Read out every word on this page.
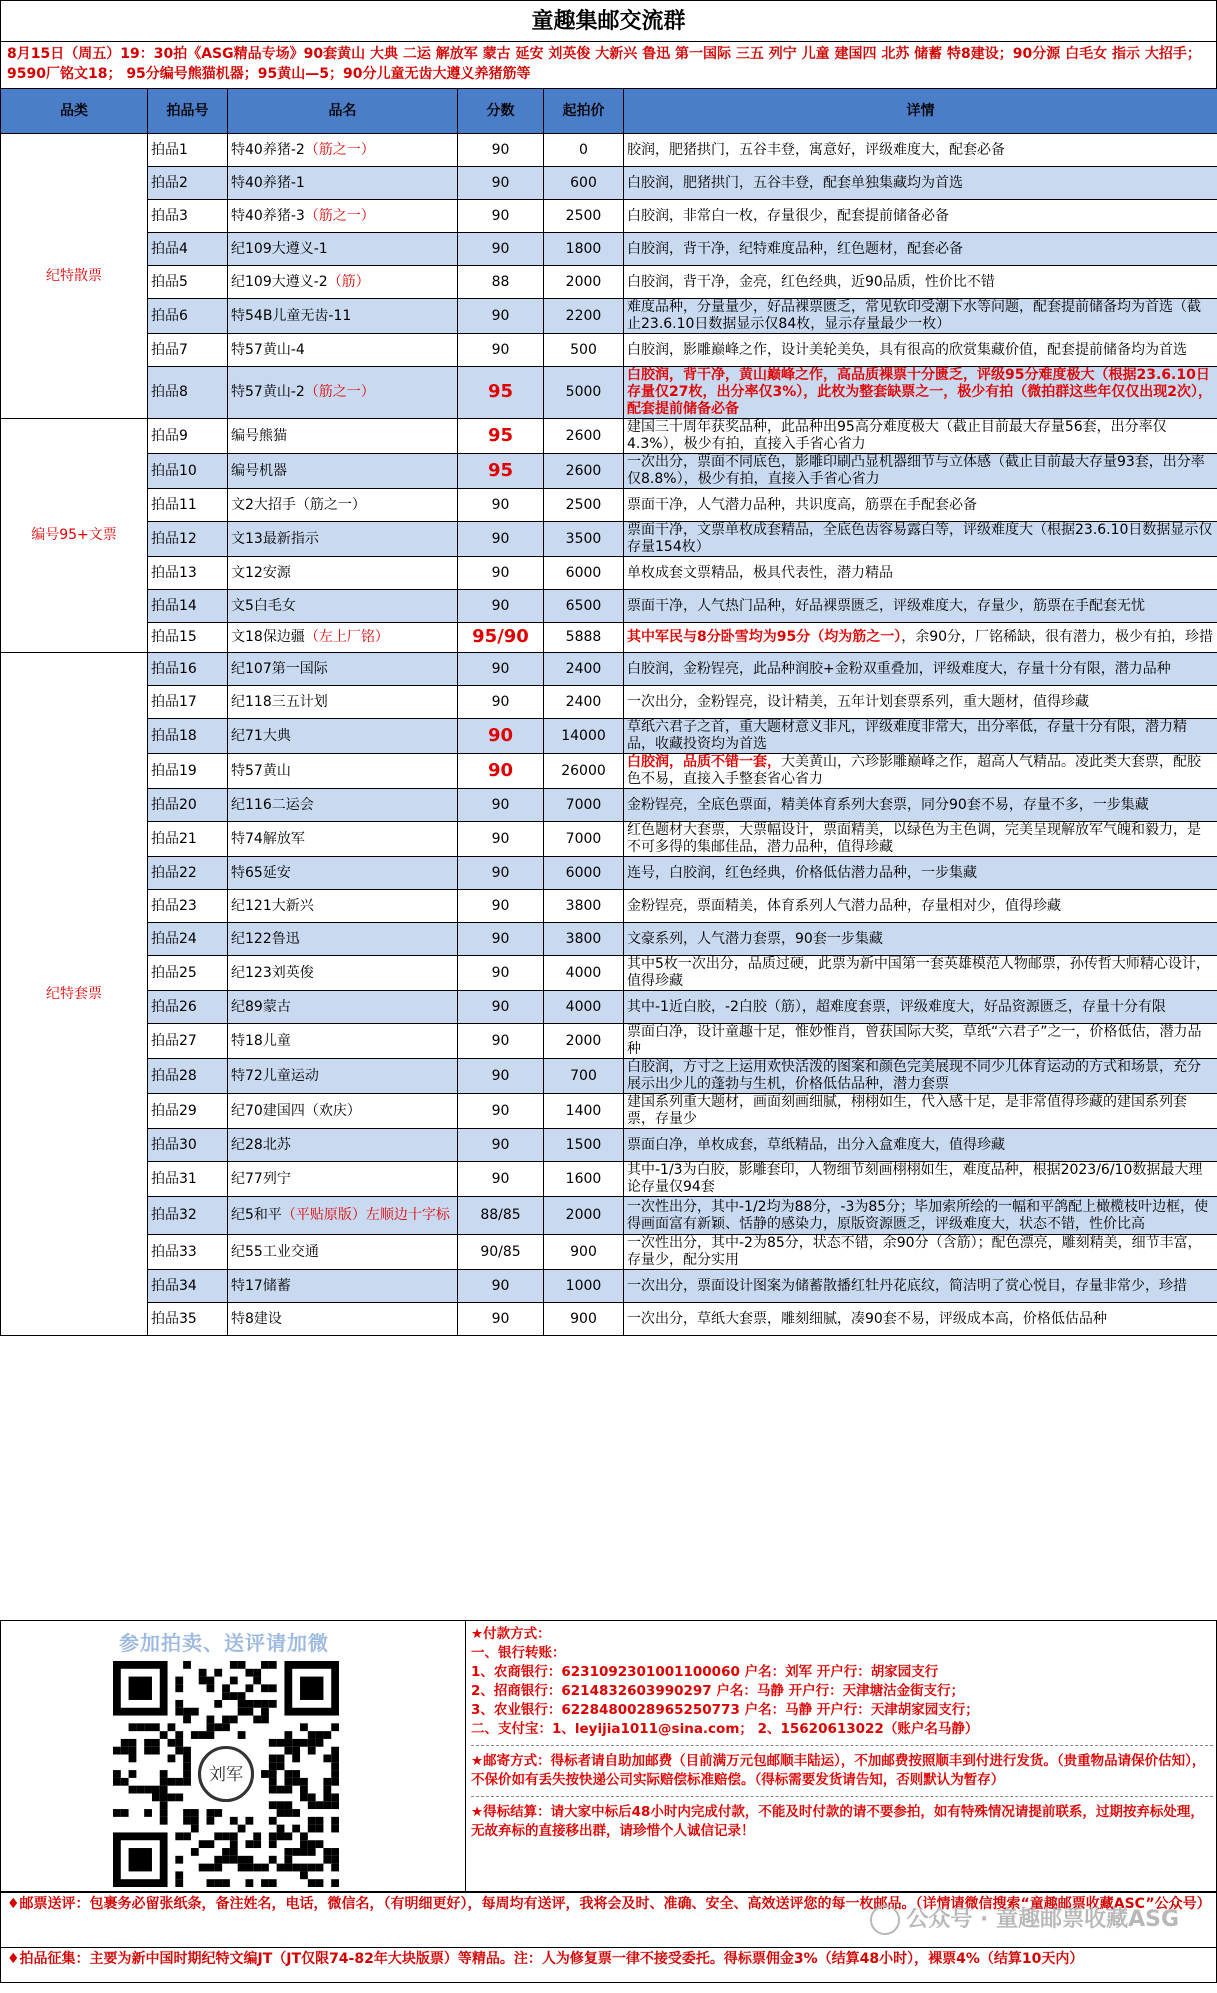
童趣集邮交流群
8月15日（周五）19：30拍《ASG精品专场》90套黄山 大典 二运 解放军 蒙古 延安 刘英俊 大新兴 鲁迅 第一国际 三五 列宁 儿童 建国四 北苏 储蓄 特8建设；90分源 白毛女 指示 大招手；9590厂铭文18； 95分编号熊猫机器；95黄山—5；90分儿童无齿大遵义养猪筋等
品类	拍品号	品名	分数	起拍价	详情
纪特散票	拍品1	特40养猪-2（筋之一）	90	0	胶润，肥猪拱门，五谷丰登，寓意好，评级难度大，配套必备
	拍品2	特40养猪-1	90	600	白胶润，肥猪拱门，五谷丰登，配套单独集藏均为首选
	拍品3	特40养猪-3（筋之一）	90	2500	白胶润，非常白一枚，存量很少，配套提前储备必备
	拍品4	纪109大遵义-1	90	1800	白胶润，背干净，纪特难度品种，红色题材，配套必备
	拍品5	纪109大遵义-2（筋）	88	2000	白胶润，背干净，金亮，红色经典，近90品质，性价比不错
	拍品6	特54B儿童无齿-11	90	2200	难度品种，分量量少，好品裸票匮乏，常见软印受潮下水等问题，配套提前储备均为首选（截止23.6.10日数据显示仅84枚，显示存量最少一枚）
	拍品7	特57黄山-4	90	500	白胶润，影雕巅峰之作，设计美轮美奂，具有很高的欣赏集藏价值，配套提前储备均为首选
	拍品8	特57黄山-2（筋之一）	95	5000	白胶润，背干净，黄山巅峰之作，高品质裸票十分匮乏，评级95分难度极大（根据23.6.10日存量仅27枚，出分率仅3%），此枚为整套缺票之一，极少有拍（微拍群这些年仅仅出现2次），配套提前储备必备
编号95+文票	拍品9	编号熊猫	95	2600	建国三十周年获奖品种，此品种出95高分难度极大（截止目前最大存量56套，出分率仅4.3%），极少有拍，直接入手省心省力
	拍品10	编号机器	95	2600	一次出分，票面不同底色，影雕印刷凸显机器细节与立体感（截止目前最大存量93套，出分率仅8.8%），极少有拍，直接入手省心省力
	拍品11	文2大招手（筋之一）	90	2500	票面干净，人气潜力品种，共识度高，筋票在手配套必备
	拍品12	文13最新指示	90	3500	票面干净，文票单枚成套精品，全底色齿容易露白等，评级难度大（根据23.6.10日数据显示仅存量154枚）
	拍品13	文12安源	90	6000	单枚成套文票精品，极具代表性，潜力精品
	拍品14	文5白毛女	90	6500	票面干净，人气热门品种，好品裸票匮乏，评级难度大，存量少，筋票在手配套无忧
	拍品15	文18保边疆（左上厂铭）	95/90	5888	其中军民与8分卧雪均为95分（均为筋之一），余90分，厂铭稀缺，很有潜力，极少有拍，珍措
纪特套票	拍品16	纪107第一国际	90	2400	白胶润，金粉锃亮，此品种润胶+金粉双重叠加，评级难度大，存量十分有限，潜力品种
	拍品17	纪118三五计划	90	2400	一次出分，金粉锃亮，设计精美，五年计划套票系列，重大题材，值得珍藏
	拍品18	纪71大典	90	14000	草纸六君子之首，重大题材意义非凡，评级难度非常大，出分率低，存量十分有限，潜力精品，收藏投资均为首选
	拍品19	特57黄山	90	26000	白胶润，品质不错一套，大美黄山，六珍影雕巅峰之作，超高人气精品。凌此类大套票，配胶色不易，直接入手整套省心省力
	拍品20	纪116二运会	90	7000	金粉锃亮，全底色票面，精美体育系列大套票，同分90套不易，存量不多，一步集藏
	拍品21	特74解放军	90	7000	红色题材大套票，大票幅设计，票面精美，以绿色为主色调，完美呈现解放军气魄和毅力，是不可多得的集邮佳品，潜力品种，值得珍藏
	拍品22	特65延安	90	6000	连号，白胶润，红色经典，价格低估潜力品种，一步集藏
	拍品23	纪121大新兴	90	3800	金粉锃亮，票面精美，体育系列人气潜力品种，存量相对少，值得珍藏
	拍品24	纪122鲁迅	90	3800	文豪系列，人气潜力套票，90套一步集藏
	拍品25	纪123刘英俊	90	4000	其中5枚一次出分，品质过硬，此票为新中国第一套英雄模范人物邮票，孙传哲大师精心设计，值得珍藏
	拍品26	纪89蒙古	90	4000	其中-1近白胶，-2白胶（筋），超难度套票，评级难度大，好品资源匮乏，存量十分有限
	拍品27	特18儿童	90	2000	票面白净，设计童趣十足，惟妙惟肖，曾获国际大奖，草纸“六君子”之一，价格低估，潜力品种
	拍品28	特72儿童运动	90	700	白胶润，方寸之上运用欢快活泼的图案和颜色完美展现不同少儿体育运动的方式和场景，充分展示出少儿的蓬勃与生机，价格低估品种，潜力套票
	拍品29	纪70建国四（欢庆）	90	1400	建国系列重大题材，画面刻画细腻，栩栩如生，代入感十足，是非常值得珍藏的建国系列套票，存量少
	拍品30	纪28北苏	90	1500	票面白净，单枚成套，草纸精品，出分入盒难度大，值得珍藏
	拍品31	纪77列宁	90	1600	其中-1/3为白胶，影雕套印，人物细节刻画栩栩如生，难度品种，根据2023/6/10数据最大理论存量仅94套
	拍品32	纪5和平（平贴原版）左顺边十字标	88/85	2000	一次性出分，其中-1/2均为88分，-3为85分；毕加索所绘的一幅和平鸽配上橄榄枝叶边框，使得画面富有新颖、恬静的感染力，原版资源匮乏，评级难度大，状态不错，性价比高
	拍品33	纪55工业交通	90/85	900	一次性出分，其中-2为85分，状态不错，余90分（含筋）；配色漂亮，雕刻精美，细节丰富，存量少，配分实用
	拍品34	特17储蓄	90	1000	一次出分，票面设计图案为储蓄散播红牡丹花底纹，简洁明了赏心悦目，存量非常少，珍措
	拍品35	特8建设	90	900	一次出分，草纸大套票，雕刻细腻，凑90套不易，评级成本高，价格低估品种
参加拍卖、送评请加微
刘军
★付款方式：
一、银行转账：
1、农商银行：6231092301001100060 户名：刘军 开户行：胡家园支行
2、招商银行：6214832603990297 户名：马静 开户行：天津塘沽金街支行；
3、农业银行：6228480028965250773 户名：马静 开户行：天津胡家园支行；
二、支付宝：1、leyijia1011@sina.com； 2、15620613022（账户名马静）
★邮寄方式：得标者请自助加邮费（目前满万元包邮顺丰陆运），不加邮费按照顺丰到付进行发货。（贵重物品请保价估知），不保价如有丢失按快递公司实际赔偿标准赔偿。（得标需要发货请告知，否则默认为暂存）
★得标结算：请大家中标后48小时内完成付款，不能及时付款的请不要参拍，如有特殊情况请提前联系，过期按弃标处理，无故弃标的直接移出群，请珍惜个人诚信记录！
♦邮票送评：包裹务必留张纸条，备注姓名，电话，微信名，（有明细更好），每周均有送评，我将会及时、准确、安全、高效送评您的每一枚邮品。（详情请微信搜索“童趣邮票收藏ASC”公众号）
♦拍品征集：主要为新中国时期纪特文编JT（JT仅限74-82年大块版票）等精品。注：人为修复票一律不接受委托。得标票佣金3%（结算48小时），裸票4%（结算10天内）
公众号 · 童趣邮票收藏ASG
